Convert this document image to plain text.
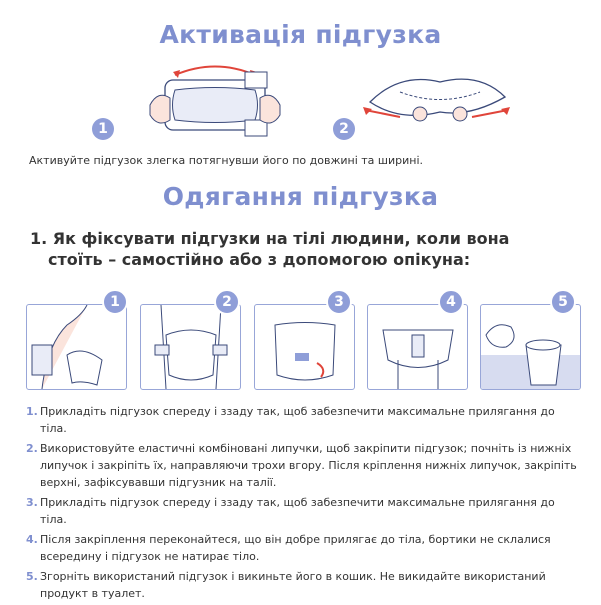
Активація підгузка
1	2
Активуйте підгузок злегка потягнувши його по довжині та ширині.
Одягання підгузка
1. Як фіксувати підгузки на тілі людини, коли вона
стоїть – самостійно або з допомогою опікуна:
1	2	3	4	5
1. Прикладіть підгузок спереду і ззаду так, щоб забезпечити максимальне прилягання до тіла.
2. Використовуйте еластичні комбіновані липучки, щоб закріпити підгузок; почніть із нижніх липучок і закріпіть їх, направляючи трохи вгору. Після кріплення нижніх липучок, закріпіть верхні, зафіксувавши підгузник на талії.
3. Прикладіть підгузок спереду і ззаду так, щоб забезпечити максимальне прилягання до тіла.
4. Після закріплення переконайтеся, що він добре прилягає до тіла, бортики не склалися всередину і підгузок не натирає тіло.
5. Згорніть використаний підгузок і викиньте його в кошик. Не викидайте використаний продукт в туалет.
